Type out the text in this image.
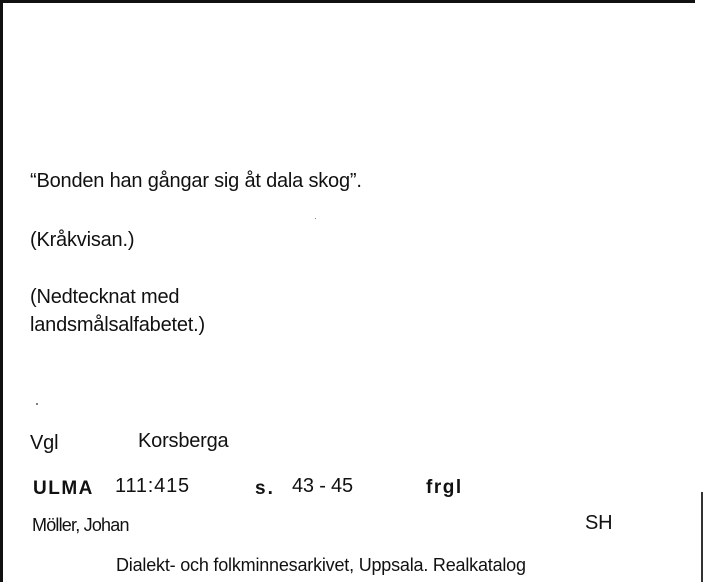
“Bonden han gångar sig åt dala skog”.
(Kråkvisan.)
(Nedtecknat med
landsmålsalfabetet.)
Vgl	Korsberga
ULMA 111:415	s. 43 - 45	frgl
Möller, Johan	SH
Dialekt- och folkminnesarkivet, Uppsala. Realkatalog
